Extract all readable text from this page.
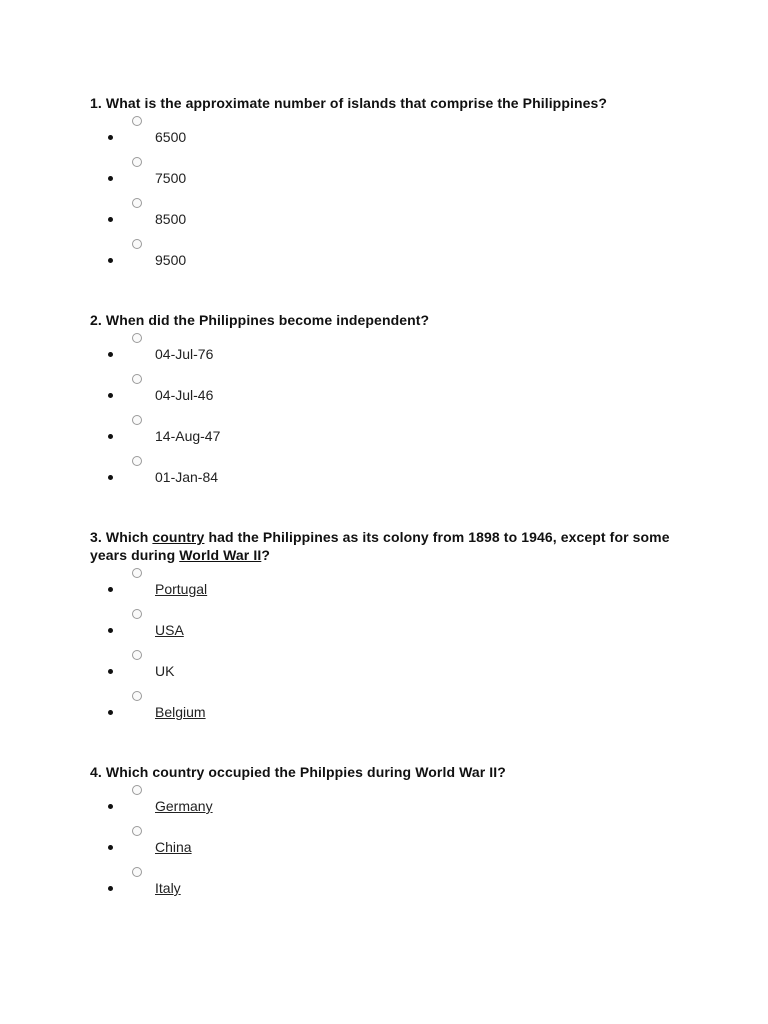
1. What is the approximate number of islands that comprise the Philippines?

6500
7500
8500
9500

2. When did the Philippines become independent?

04-Jul-76
04-Jul-46
14-Aug-47
01-Jan-84

3. Which country had the Philippines as its colony from 1898 to 1946, except for some years during World War II?

Portugal
USA
UK
Belgium

4. Which country occupied the Philppies during World War II?

Germany
China
Italy
